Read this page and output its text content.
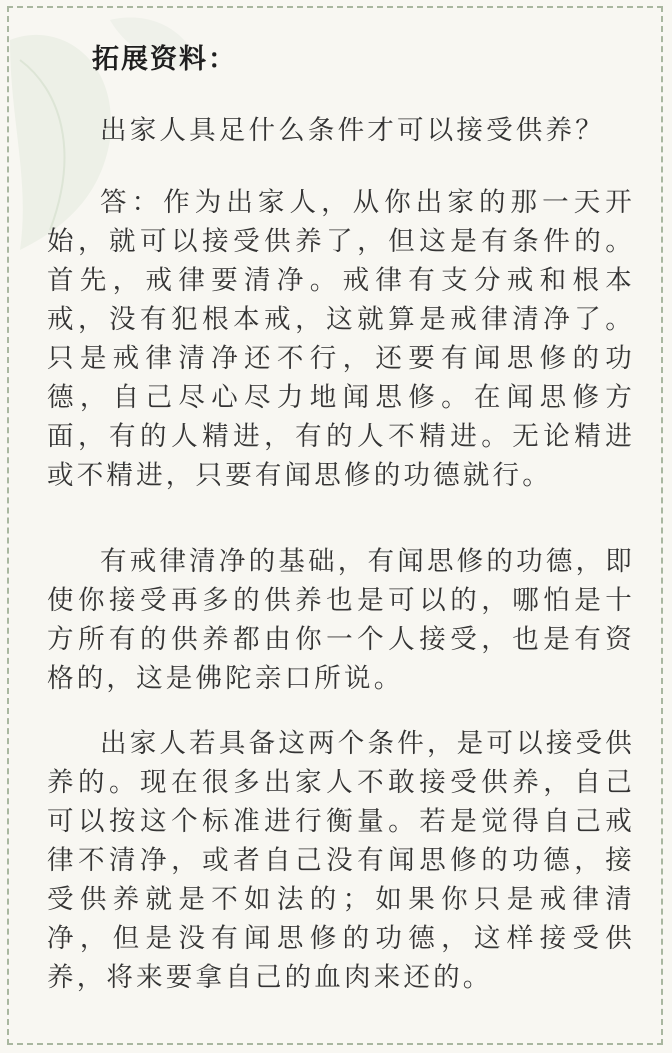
拓展资料：

出家人具足什么条件才可以接受供养？

答：作为出家人，从你出家的那一天开始，就可以接受供养了，但这是有条件的。首先，戒律要清净。戒律有支分戒和根本戒，没有犯根本戒，这就算是戒律清净了。只是戒律清净还不行，还要有闻思修的功德，自己尽心尽力地闻思修。在闻思修方面，有的人精进，有的人不精进。无论精进或不精进，只要有闻思修的功德就行。

有戒律清净的基础，有闻思修的功德，即使你接受再多的供养也是可以的，哪怕是十方所有的供养都由你一个人接受，也是有资格的，这是佛陀亲口所说。

出家人若具备这两个条件，是可以接受供养的。现在很多出家人不敢接受供养，自己可以按这个标准进行衡量。若是觉得自己戒律不清净，或者自己没有闻思修的功德，接受供养就是不如法的；如果你只是戒律清净，但是没有闻思修的功德，这样接受供养，将来要拿自己的血肉来还的。
